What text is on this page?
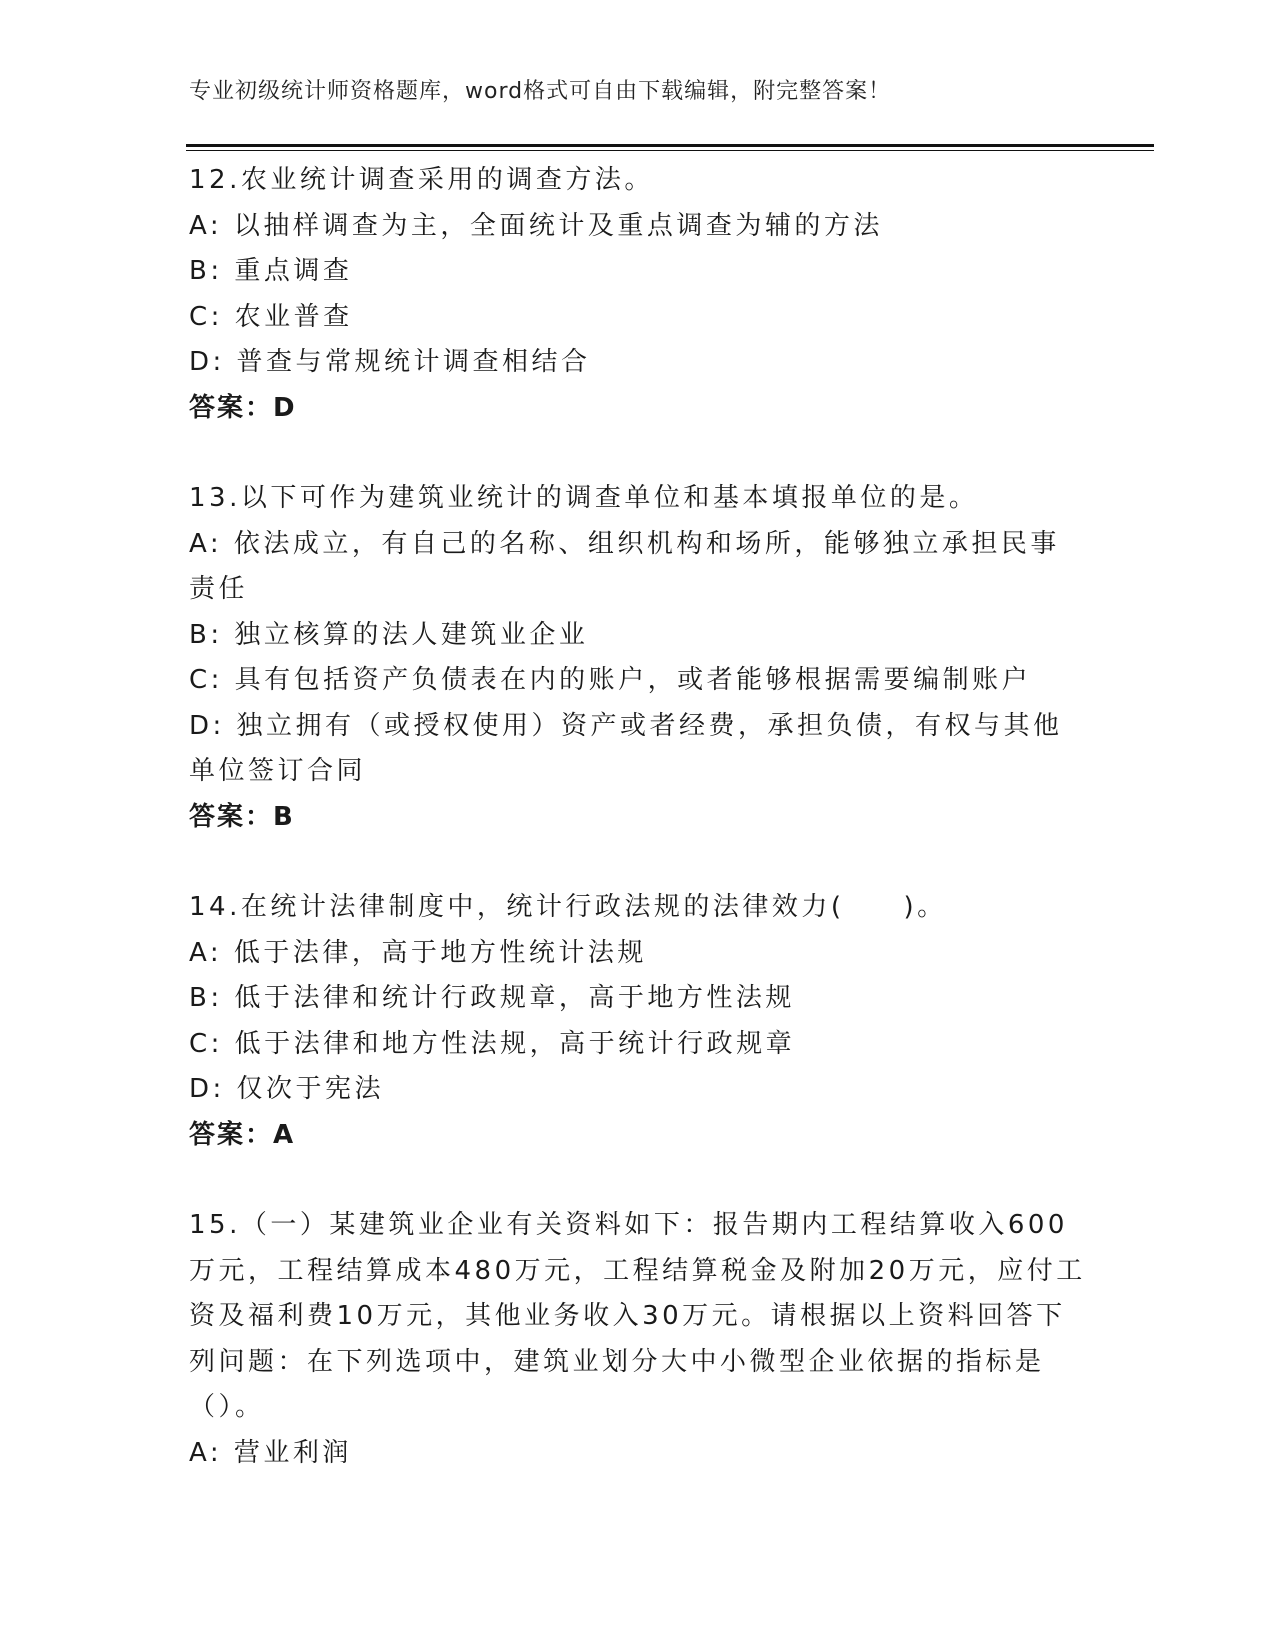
专业初级统计师资格题库，word格式可自由下载编辑，附完整答案！

12.农业统计调查采用的调查方法。

A: 以抽样调查为主，全面统计及重点调查为辅的方法

B: 重点调查

C: 农业普查

D: 普查与常规统计调查相结合

答案：D

13.以下可作为建筑业统计的调查单位和基本填报单位的是。

A: 依法成立，有自己的名称、组织机构和场所，能够独立承担民事责任

B: 独立核算的法人建筑业企业

C: 具有包括资产负债表在内的账户，或者能够根据需要编制账户

D: 独立拥有（或授权使用）资产或者经费，承担负债，有权与其他单位签订合同

答案：B

14.在统计法律制度中，统计行政法规的法律效力(　　)。

A: 低于法律，高于地方性统计法规

B: 低于法律和统计行政规章，高于地方性法规

C: 低于法律和地方性法规，高于统计行政规章

D: 仅次于宪法

答案：A

15.（一）某建筑业企业有关资料如下：报告期内工程结算收入600万元，工程结算成本480万元，工程结算税金及附加20万元，应付工资及福利费10万元，其他业务收入30万元。请根据以上资料回答下列问题：在下列选项中，建筑业划分大中小微型企业依据的指标是（）。

A: 营业利润
